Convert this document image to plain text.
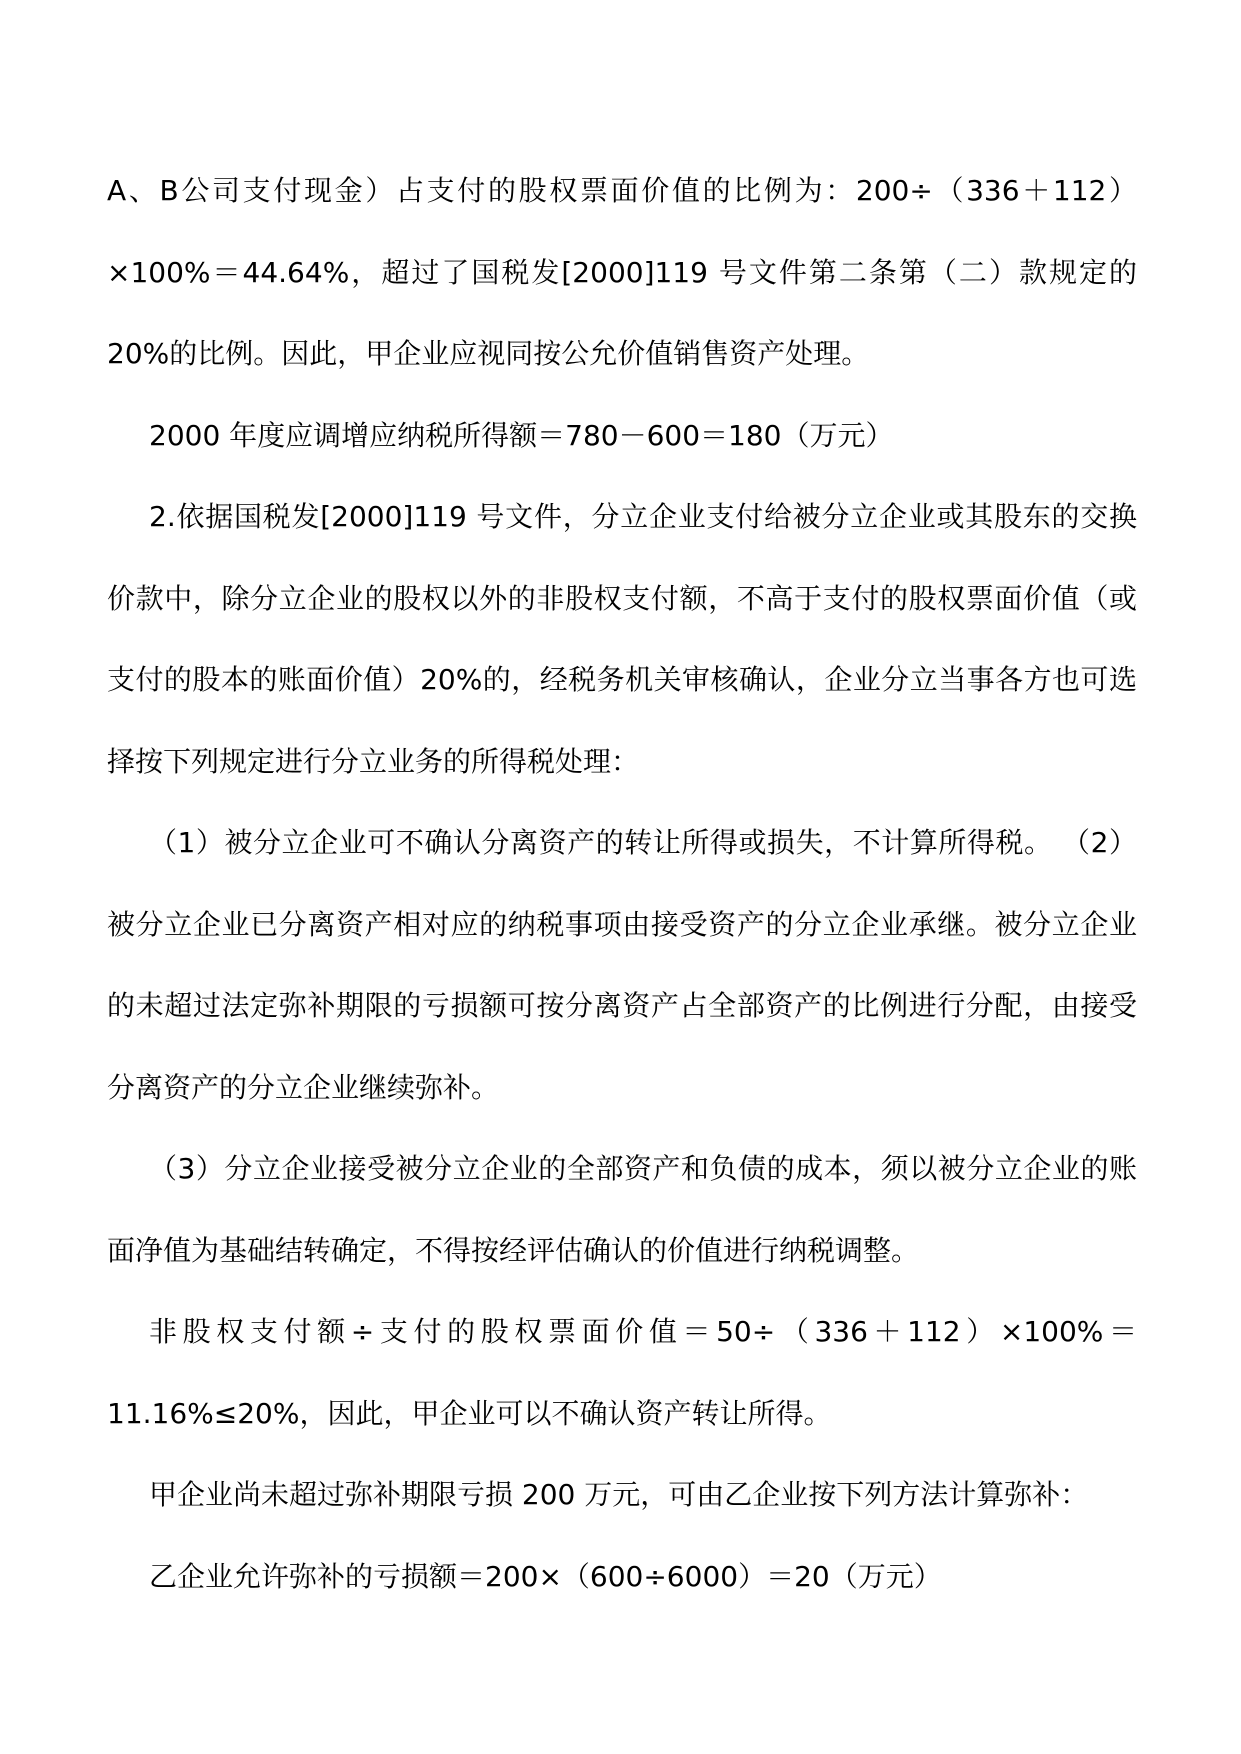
A、B公司支付现金）占支付的股权票面价值的比例为：200÷（336＋112）×100%＝44.64%，超过了国税发[2000]119 号文件第二条第（二）款规定的 20%的比例。因此，甲企业应视同按公允价值销售资产处理。

2000 年度应调增应纳税所得额＝780－600＝180（万元）

2.依据国税发[2000]119 号文件，分立企业支付给被分立企业或其股东的交换价款中，除分立企业的股权以外的非股权支付额，不高于支付的股权票面价值（或支付的股本的账面价值）20%的，经税务机关审核确认，企业分立当事各方也可选择按下列规定进行分立业务的所得税处理：

（1）被分立企业可不确认分离资产的转让所得或损失，不计算所得税。 （2）被分立企业已分离资产相对应的纳税事项由接受资产的分立企业承继。被分立企业的未超过法定弥补期限的亏损额可按分离资产占全部资产的比例进行分配，由接受分离资产的分立企业继续弥补。

（3）分立企业接受被分立企业的全部资产和负债的成本，须以被分立企业的账面净值为基础结转确定，不得按经评估确认的价值进行纳税调整。

非股权支付额÷支付的股权票面价值＝50÷（336＋112）×100%＝11.16%≤20%，因此，甲企业可以不确认资产转让所得。

甲企业尚未超过弥补期限亏损 200 万元，可由乙企业按下列方法计算弥补：

乙企业允许弥补的亏损额＝200×（600÷6000）＝20（万元）
